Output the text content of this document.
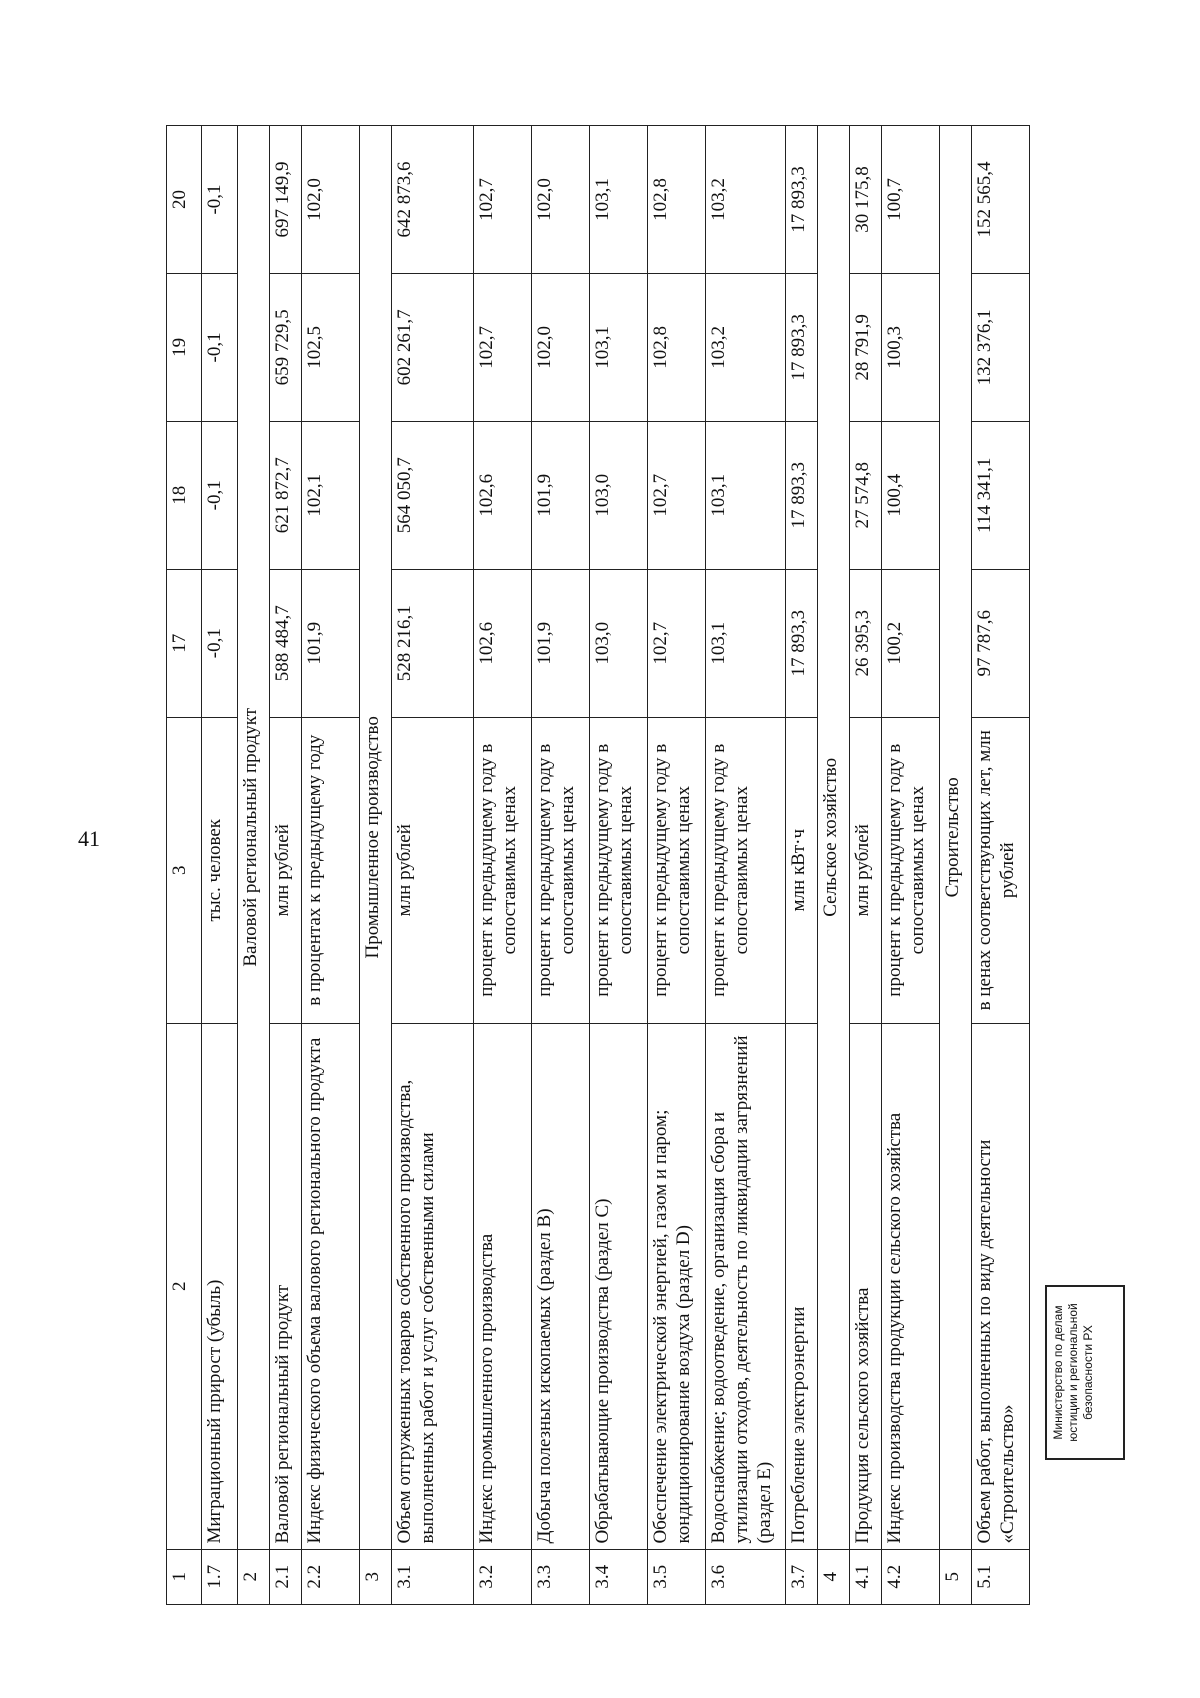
41
1	2	3	17	18	19	20
1.7	Миграционный прирост (убыль)	тыс. человек	-0,1	-0,1	-0,1	-0,1
2	Валовой региональный продукт					
2.1	Валовой региональный продукт	млн рублей	588 484,7	621 872,7	659 729,5	697 149,9
2.2	Индекс физического объема валового регионального продукта	в процентах к предыдущему году	101,9	102,1	102,5	102,0
3	Промышленное производство					
3.1	Объем отгруженных товаров собственного производства, выполненных работ и услуг собственными силами	млн рублей	528 216,1	564 050,7	602 261,7	642 873,6
3.2	Индекс промышленного производства	процент к предыдущему году в сопоставимых ценах	102,6	102,6	102,7	102,7
3.3	Добыча полезных ископаемых (раздел В)	процент к предыдущему году в сопоставимых ценах	101,9	101,9	102,0	102,0
3.4	Обрабатывающие производства (раздел С)	процент к предыдущему году в сопоставимых ценах	103,0	103,0	103,1	103,1
3.5	Обеспечение электрической энергией, газом и паром; кондиционирование воздуха (раздел D)	процент к предыдущему году в сопоставимых ценах	102,7	102,7	102,8	102,8
3.6	Водоснабжение; водоотведение, организация сбора и утилизации отходов, деятельность по ликвидации загрязнений (раздел Е)	процент к предыдущему году в сопоставимых ценах	103,1	103,1	103,2	103,2
3.7	Потребление электроэнергии	млн кВт·ч	17 893,3	17 893,3	17 893,3	17 893,3
4	Сельское хозяйство					
4.1	Продукция сельского хозяйства	млн рублей	26 395,3	27 574,8	28 791,9	30 175,8
4.2	Индекс производства продукции сельского хозяйства	процент к предыдущему году в сопоставимых ценах	100,2	100,4	100,3	100,7
5	Строительство					
5.1	Объем работ, выполненных по виду деятельности «Строительство»	в ценах соответствующих лет, млн рублей	97 787,6	114 341,1	132 376,1	152 565,4
Министерство по делам юстиции и региональной безопасности РХ
